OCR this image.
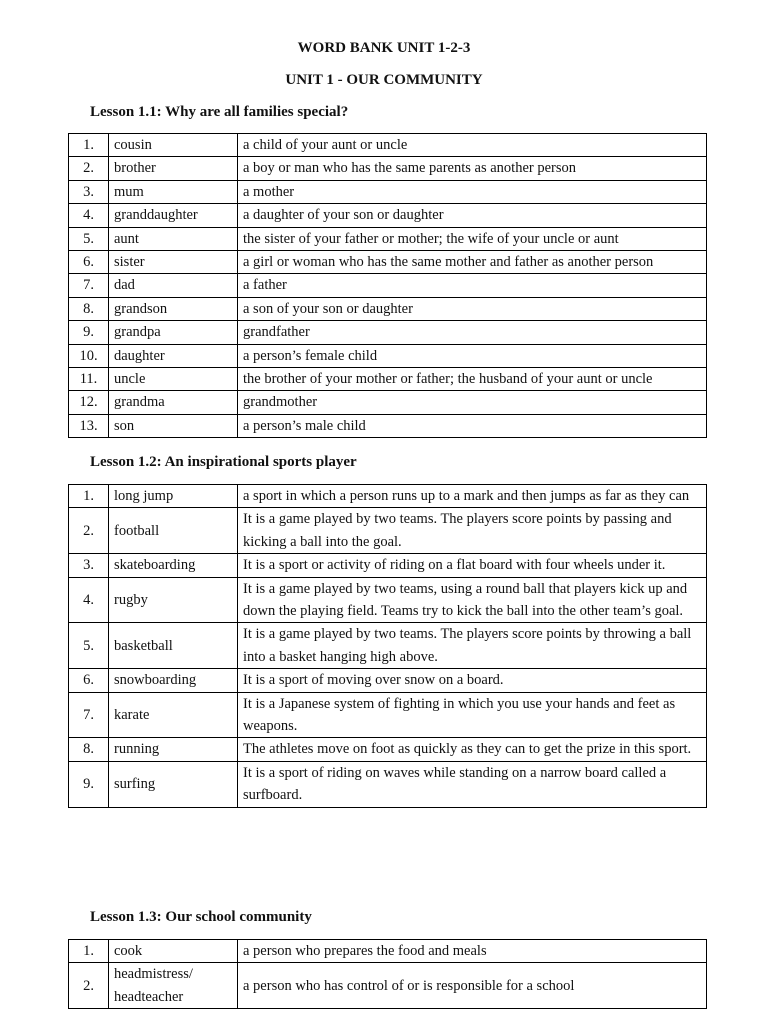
WORD BANK UNIT 1-2-3
UNIT 1 - OUR COMMUNITY
Lesson 1.1: Why are all families special?
1.	cousin	a child of your aunt or uncle
2.	brother	a boy or man who has the same parents as another person
3.	mum	a mother
4.	granddaughter	a daughter of your son or daughter
5.	aunt	the sister of your father or mother; the wife of your uncle or aunt
6.	sister	a girl or woman who has the same mother and father as another person
7.	dad	a father
8.	grandson	a son of your son or daughter
9.	grandpa	grandfather
10.	daughter	a person’s female child
11.	uncle	the brother of your mother or father; the husband of your aunt or uncle
12.	grandma	grandmother
13.	son	a person’s male child
Lesson 1.2: An inspirational sports player
1.	long jump	a sport in which a person runs up to a mark and then jumps as far as they can
2.	football	It is a game played by two teams. The players score points by passing and kicking a ball into the goal.
3.	skateboarding	It is a sport or activity of riding on a flat board with four wheels under it.
4.	rugby	It is a game played by two teams, using a round ball that players kick up and down the playing field. Teams try to kick the ball into the other team’s goal.
5.	basketball	It is a game played by two teams. The players score points by throwing a ball into a basket hanging high above.
6.	snowboarding	It is a sport of moving over snow on a board.
7.	karate	It is a Japanese system of fighting in which you use your hands and feet as weapons.
8.	running	The athletes move on foot as quickly as they can to get the prize in this sport.
9.	surfing	It is a sport of riding on waves while standing on a narrow board called a surfboard.
Lesson 1.3: Our school community
1.	cook	a person who prepares the food and meals
2.	headmistress/ headteacher	a person who has control of or is responsible for a school
